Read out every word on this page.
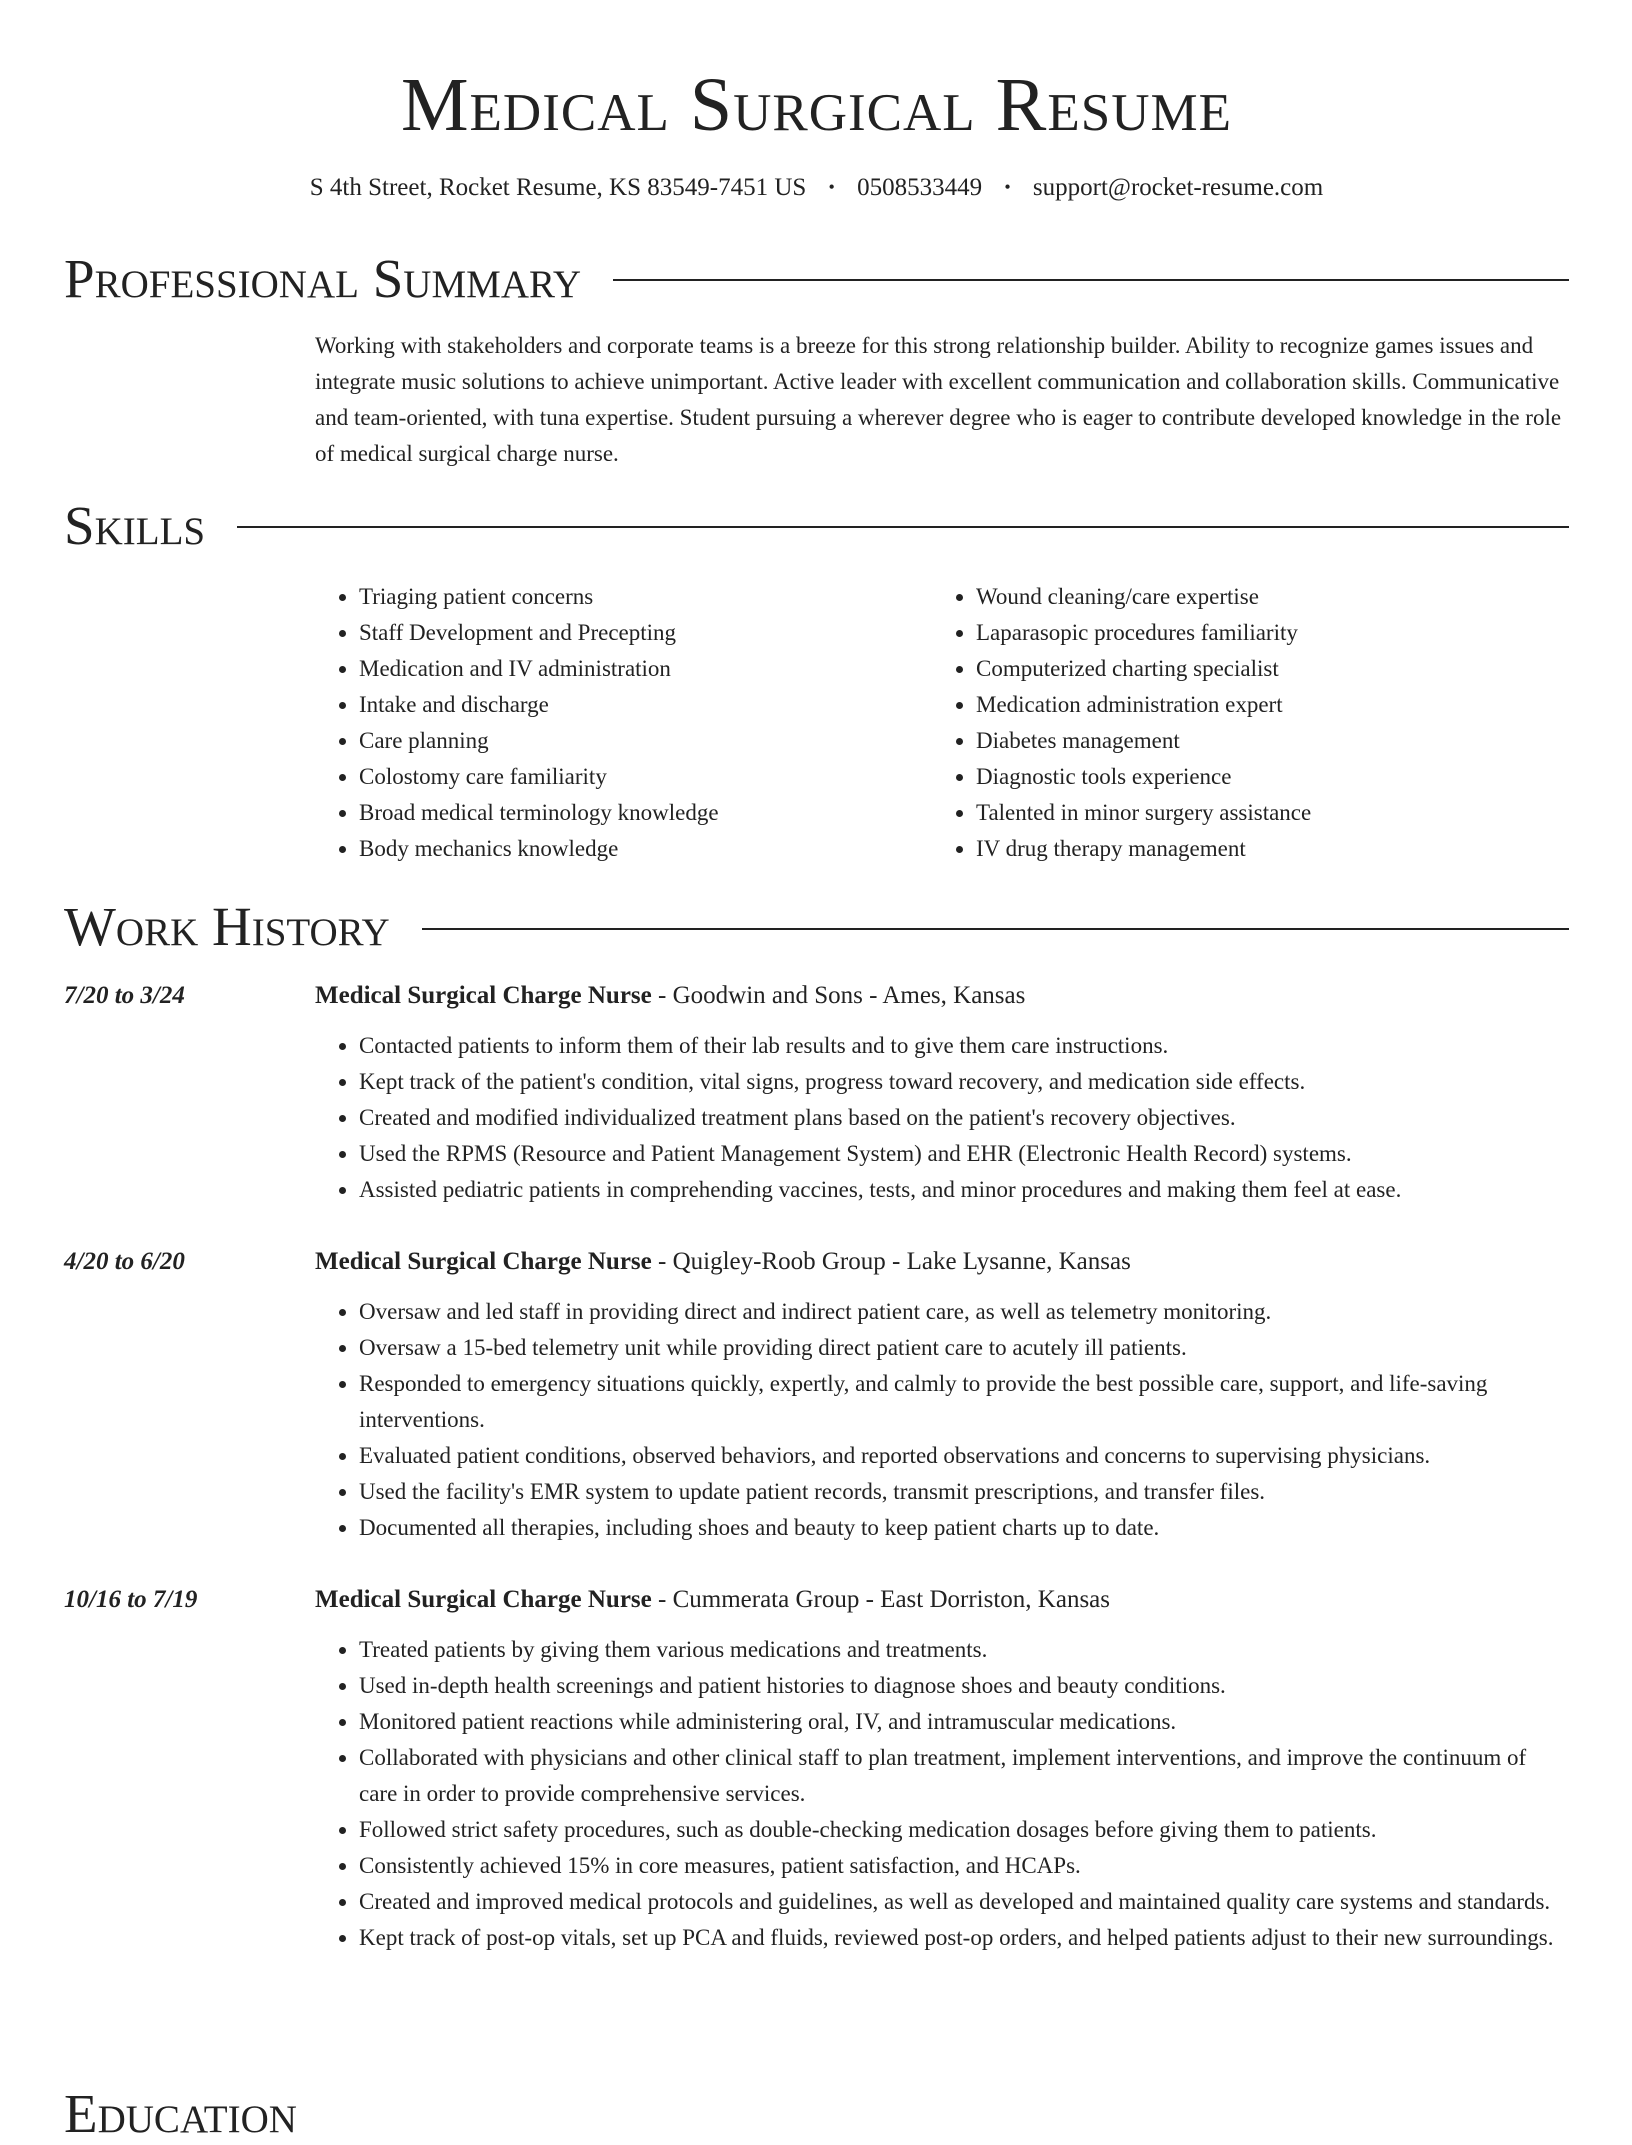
Medical Surgical Resume
S 4th Street, Rocket Resume, KS 83549-7451 US • 0508533449 • support@rocket-resume.com
Professional Summary

Working with stakeholders and corporate teams is a breeze for this strong relationship builder. Ability to recognize games issues and integrate music solutions to achieve unimportant. Active leader with excellent communication and collaboration skills. Communicative and team-oriented, with tuna expertise. Student pursuing a wherever degree who is eager to contribute developed knowledge in the role of medical surgical charge nurse.

Skills
• Triaging patient concerns
• Staff Development and Precepting
• Medication and IV administration
• Intake and discharge
• Care planning
• Colostomy care familiarity
• Broad medical terminology knowledge
• Body mechanics knowledge
• Wound cleaning/care expertise
• Laparasopic procedures familiarity
• Computerized charting specialist
• Medication administration expert
• Diabetes management
• Diagnostic tools experience
• Talented in minor surgery assistance
• IV drug therapy management
Work History
7/20 to 3/24	Medical Surgical Charge Nurse - Goodwin and Sons - Ames, Kansas
• Contacted patients to inform them of their lab results and to give them care instructions.
• Kept track of the patient's condition, vital signs, progress toward recovery, and medication side effects.
• Created and modified individualized treatment plans based on the patient's recovery objectives.
• Used the RPMS (Resource and Patient Management System) and EHR (Electronic Health Record) systems.
• Assisted pediatric patients in comprehending vaccines, tests, and minor procedures and making them feel at ease.
4/20 to 6/20	Medical Surgical Charge Nurse - Quigley-Roob Group - Lake Lysanne, Kansas
• Oversaw and led staff in providing direct and indirect patient care, as well as telemetry monitoring.
• Oversaw a 15-bed telemetry unit while providing direct patient care to acutely ill patients.
• Responded to emergency situations quickly, expertly, and calmly to provide the best possible care, support, and life-saving interventions.
• Evaluated patient conditions, observed behaviors, and reported observations and concerns to supervising physicians.
• Used the facility's EMR system to update patient records, transmit prescriptions, and transfer files.
• Documented all therapies, including shoes and beauty to keep patient charts up to date.
10/16 to 7/19	Medical Surgical Charge Nurse - Cummerata Group - East Dorriston, Kansas
• Treated patients by giving them various medications and treatments.
• Used in-depth health screenings and patient histories to diagnose shoes and beauty conditions.
• Monitored patient reactions while administering oral, IV, and intramuscular medications.
• Collaborated with physicians and other clinical staff to plan treatment, implement interventions, and improve the continuum of care in order to provide comprehensive services.
• Followed strict safety procedures, such as double-checking medication dosages before giving them to patients.
• Consistently achieved 15% in core measures, patient satisfaction, and HCAPs.
• Created and improved medical protocols and guidelines, as well as developed and maintained quality care systems and standards.
• Kept track of post-op vitals, set up PCA and fluids, reviewed post-op orders, and helped patients adjust to their new surroundings.
Education
